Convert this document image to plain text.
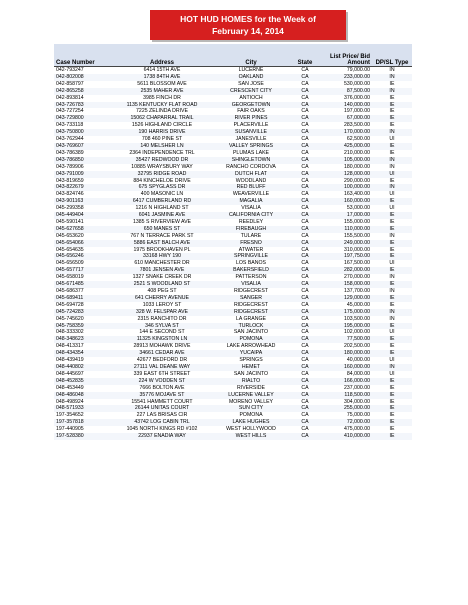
HOT HUD HOMES for the Week of
February 14, 2014
Case Number	Address	City	State	List Price/ Bid Amount	DP/SL Type
042-793247	6414 15TH AVE	LUCERNE	CA	79,000.00	IN
042-802008	1738 84TH AVE	OAKLAND	CA	233,000.00	IN
042-858797	5611 BLOSSOM AVE	SAN JOSE	CA	530,000.00	IE
042-865258	2535 MAHER AVE	CRESCENT CITY	CA	87,500.00	IN
042-893814	3985 FINCH DR	ANTIOCH	CA	376,000.00	IE
043-726783	1135 KENTUCKY FLAT ROAD	GEORGETOWN	CA	140,000.00	IE
043-727254	7225 ZELINDA DRIVE	FAIR OAKS	CA	197,000.00	IE
043-729800	15062 CHAPARRAL TRAIL	RIVER PINES	CA	67,000.00	IE
043-733118	1526 HIGHLAND CIRCLE	PLACERVILLE	CA	283,500.00	IE
043-750800	190 HARRIS DRIVE	SUSANVILLE	CA	170,000.00	IN
043-762944	708 460 PINE ST	JANESVILLE	CA	62,500.00	UI
043-769607	140 MELSHER LN	VALLEY SPRINGS	CA	425,000.00	IE
043-786389	2364 INDEPENDENCE TRL	PLUMAS LAKE	CA	210,000.00	IE
043-786850	35427 REDWOOD DR	SHINGLETOWN	CA	105,000.00	IN
043-789906	10885 WRAYSBURY WAY	RANCHO CORDOVA	CA	180,000.00	IN
043-791009	32795 RIDGE ROAD	DUTCH FLAT	CA	128,000.00	UI
043-819659	884 KINCHELOE DRIVE	WOODLAND	CA	290,000.00	IE
043-822679	675 SPYGLASS DR	RED BLUFF	CA	100,000.00	IN
043-824746	400 MASONIC LN	WEAVERVILLE	CA	163,400.00	UI
043-901163	6417 CUMBERLAND RD	MAGALIA	CA	160,000.00	IE
045-299358	1216 N HIGHLAND ST	VISALIA	CA	53,000.00	UI
045-449404	6041 JASMINE AVE	CALIFORNIA CITY	CA	17,000.00	IE
045-590141	1385 S RIVERVIEW AVE	REEDLEY	CA	155,000.00	IE
045-627658	650 MANES ST	FIREBAUGH	CA	110,000.00	IE
045-653620	767 N TERRACE PARK ST	TULARE	CA	155,500.00	IN
045-654066	5886 EAST BALCH AVE	FRESNO	CA	249,000.00	IE
045-654635	1975 BROOKHAVEN PL	ATWATER	CA	310,000.00	IE
045-656246	33168 HWY 190	SPRINGVILLE	CA	197,750.00	IE
045-656509	610 MANCHESTER DR	LOS BANOS	CA	167,500.00	UI
045-657717	7801 JENSEN AVE	BAKERSFIELD	CA	282,000.00	IE
045-658019	1327 SNAKE CREEK DR	PATTERSON	CA	270,000.00	IN
045-671485	2521 S WOODLAND ST	VISALIA	CA	158,000.00	IE
045-686377	408 PEG ST	RIDGECREST	CA	137,700.00	IN
045-689411	641 CHERRY AVENUE	SANGER	CA	129,000.00	IE
045-694728	1033 LEROY ST	RIDGECREST	CA	45,000.00	IE
045-724283	328 W. FELSPAR AVE	RIDGECREST	CA	175,000.00	IN
045-745620	2315 RANCHITO DR	LA GRANGE	CA	103,500.00	IN
045-758359	346 SYLVA ST	TURLOCK	CA	195,000.00	IE
048-333302	144 E SECOND ST	SAN JACINTO	CA	102,000.00	UI
048-348623	11325 KINGSTON LN	POMONA	CA	77,500.00	IE
048-413317	28913 MOHAWK DRIVE	LAKE ARROWHEAD	CA	202,500.00	IE
048-434354	34661 CEDAR AVE	YUCAIPA	CA	180,000.00	IE
048-439419	42677 BEDFORD DR	SPRINGS	CA	40,000.00	UI
048-440802	27111 VAL DEANE WAY	HEMET	CA	160,000.00	IN
048-445697	339 EAST 6TH STREET	SAN JACINTO	CA	84,000.00	UI
048-452835	224 W VODDEN ST	RIALTO	CA	166,000.00	IE
048-453449	7666 BOLTON AVE	RIVERSIDE	CA	237,000.00	IE
048-486048	35776 MOJAVE ST	LUCERNE VALLEY	CA	118,500.00	IE
048-498924	15541 HAMMETT COURT	MORENO VALLEY	CA	304,000.00	IE
048-571933	26144 UNITAS COURT	SUN CITY	CA	255,000.00	IE
197-354652	227 LAS BRISAS CIR	POMONA	CA	75,000.00	IE
197-357818	43742 LOG CABIN TRL	LAKE HUGHES	CA	72,000.00	IE
197-440905	1045 NORTH KINGS RD #102	WEST HOLLYWOOD	CA	475,000.00	IE
197-528380	22937 ENADIA WAY	WEST HILLS	CA	410,000.00	IE
